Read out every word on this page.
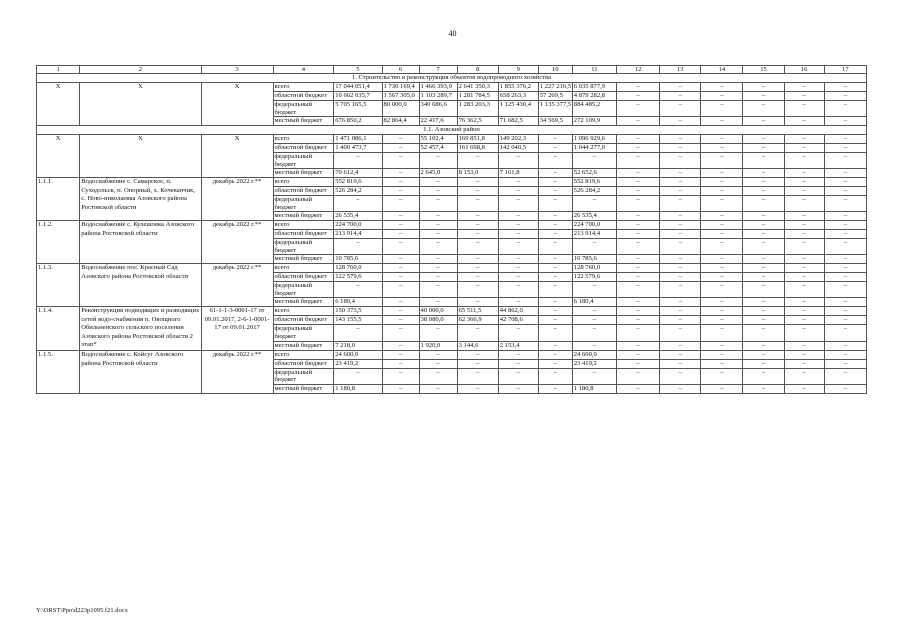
40
1	2	3	4	5	6	7	8	9	10	11	12	13	14	15	16	17
1. Строительство и реконструкция объектов водопроводного хозяйства																
Х	Х	Х	всего	17 044 051,4	1 730 169,4	1 466 393,9	2 641 350,3	1 855 376,2	1 227 216,5	6 035 877,9	–	–	–	–	–	–
			областной бюджет	10 662 035,7	1 567 305,0	1 103 289,7	1 281 784,5	658 263,3	57 269,5	4 879 282,8	–	–	–	–	–	–
			федеральный бюджет	5 705 165,5	80 000,0	340 686,6	1 283 203,3	1 125 430,4	1 135 377,5	884 485,2	–	–	–	–	–	–
			местный бюджет	676 850,2	82 864,4	22 417,6	76 362,5	71 682,5	34 569,5	272 109,9	–	–	–	–	–	–
1.1. Азовский район																
Х	Х	Х	всего	1 471 086,1	–	55 102,4	169 851,8	149 202,3	–	1 096 929,6	–	–	–	–	–	–
			областной бюджет	1 400 473,7	–	52 457,4	161 698,8	142 040,5	–	1 044 277,0	–	–	–	–	–	–
			федеральный бюджет	–	–	–	–	–	–	–	–	–	–	–	–	–
			местный бюджет	70 612,4	–	2 645,0	8 153,0	7 161,8	–	52 652,6	–	–	–	–	–	–
1.1.1.	Водоснабжение с. Самарское, п. Суходольск, п. Опорный, х. Кочеванчик, с. Ново-николаевка Азовского района Ростовской области	декабрь 2022 г.**	всего	552 819,6	–	–	–	–	–	552 819,6	–	–	–	–	–	–
			областной бюджет	526 284,2	–	–	–	–	–	526 284,2	–	–	–	–	–	–
			федеральный бюджет	–	–	–	–	–	–	–	–	–	–	–	–	–
			местный бюджет	26 535,4	–	–	–	–	–	26 535,4	–	–	–	–	–	–
1.1.2.	Водоснабжение с. Кулешовка Азовского района Ростовской области	декабрь 2022 г.**	всего	224 700,0	–	–	–	–	–	224 700,0	–	–	–	–	–	–
			областной бюджет	213 914,4	–	–	–	–	–	213 914,4	–	–	–	–	–	–
			федеральный бюджет	–	–	–	–	–	–	–	–	–	–	–	–	–
			местный бюджет	10 785,6	–	–	–	–	–	10 785,6	–	–	–	–	–	–
1.1.3.	Водоснабжение пос. Красный Сад Азовского района Ростовской области	декабрь 2022 г.**	всего	128 760,0	–	–	–	–	–	128 760,0	–	–	–	–	–	–
			областной бюджет	122 579,6	–	–	–	–	–	122 579,6	–	–	–	–	–	–
			федеральный бюджет	–	–	–	–	–	–	–	–	–	–	–	–	–
			местный бюджет	6 180,4	–	–	–	–	–	6 180,4	–	–	–	–	–	–
1.1.4.	Реконструкция подводящих и разводящих сетей водо-снабжения п. Овощного Обильненского сельского поселения Азовского района Ростовской области 2 этап*	61-1-1-3-0001-17 от 09.01.2017, 2-6-1-0001-17 от 09.01.2017	всего	150 373,5	–	40 000,0	65 511,5	44 862,0	–	–	–	–	–	–	–	–
			областной бюджет	143 155,5	–	38 080,0	62 366,9	42 708,6	–	–	–	–	–	–	–	–
			федеральный бюджет	–	–	–	–	–	–	–	–	–	–	–	–	–
			местный бюджет	7 218,0	–	1 920,0	3 144,6	2 153,4	–	–	–	–	–	–	–	–
1.1.5.	Водоснабжение с. Койсуг Азовского района Ростовской области	декабрь 2022 г.**	всего	24 600,0	–	–	–	–	–	24 600,0	–	–	–	–	–	–
			областной бюджет	23 419,2	–	–	–	–	–	23 419,2	–	–	–	–	–	–
			федеральный бюджет	–	–	–	–	–	–	–	–	–	–	–	–	–
			местный бюджет	1 180,8	–	–	–	–	–	1 180,8	–	–	–	–	–	–
Y:\ORST\Ppo\d223p1095.f21.docx
